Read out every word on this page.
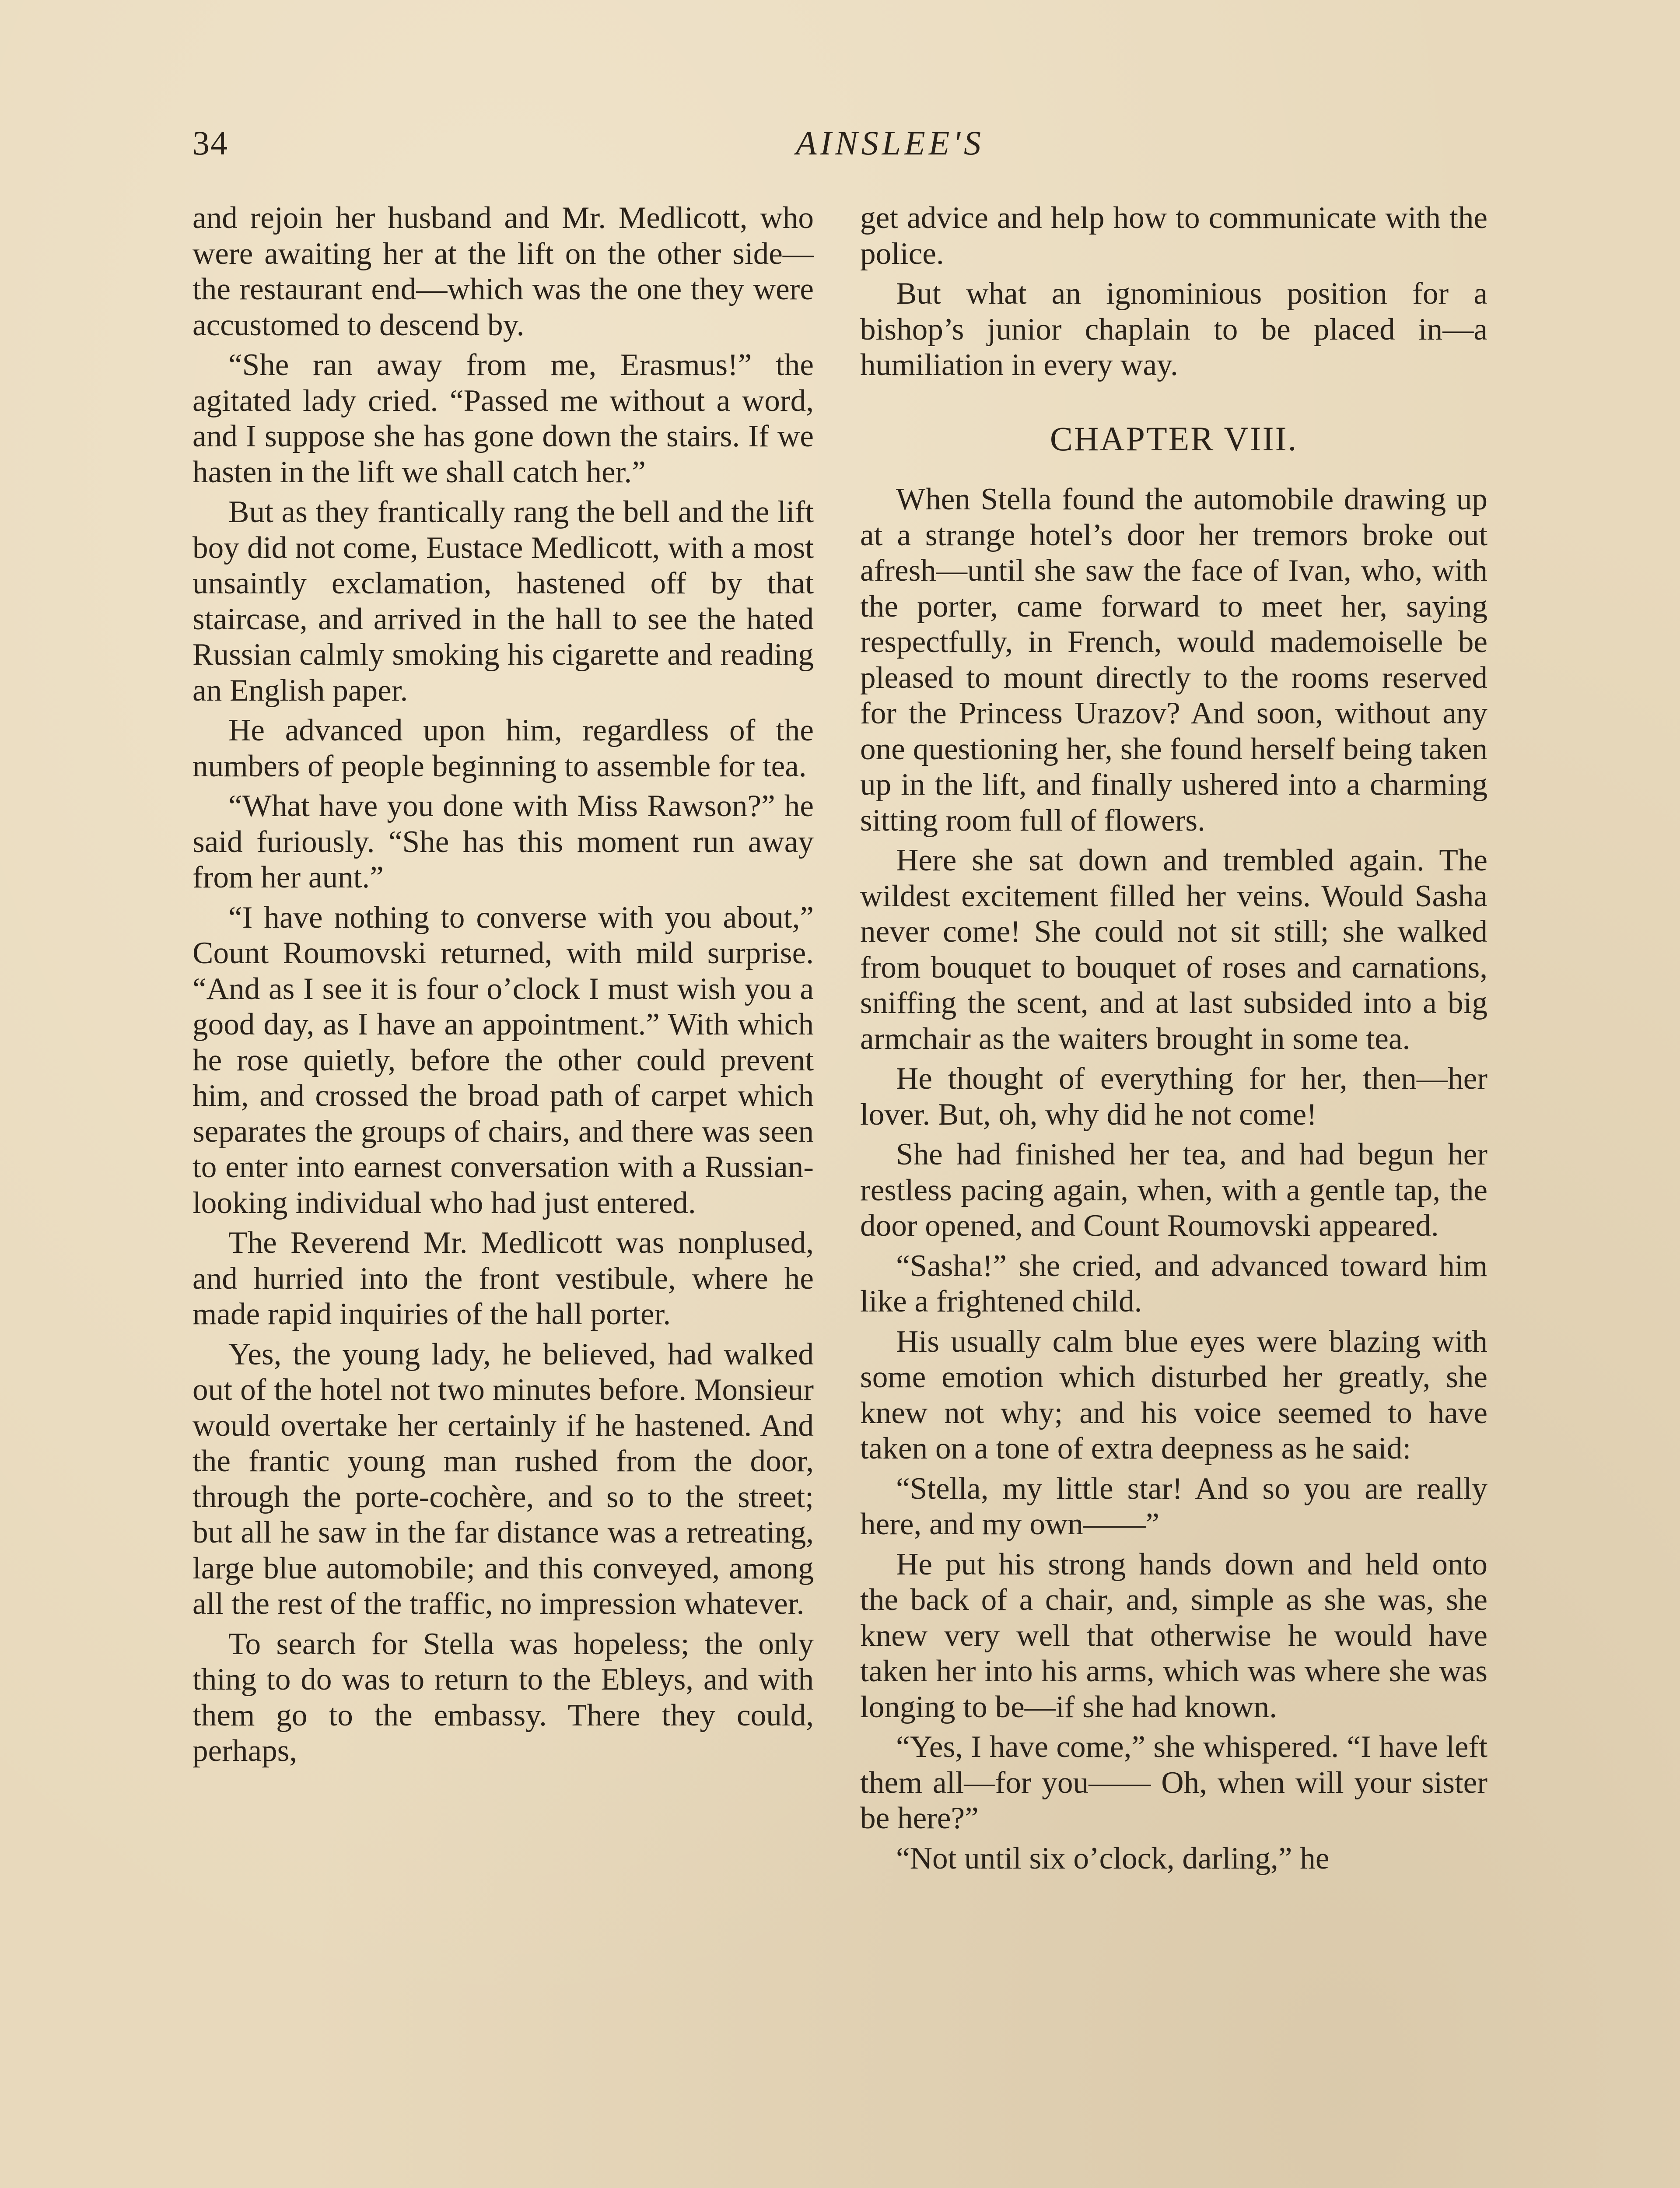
34	AINSLEE'S

and rejoin her husband and Mr. Medlicott, who were awaiting her at the lift on the other side—the restaurant end—which was the one they were accustomed to descend by.

“She ran away from me, Erasmus!” the agitated lady cried. “Passed me without a word, and I suppose she has gone down the stairs. If we hasten in the lift we shall catch her.”

But as they frantically rang the bell and the lift boy did not come, Eustace Medlicott, with a most unsaintly exclamation, hastened off by that staircase, and arrived in the hall to see the hated Russian calmly smoking his cigarette and reading an English paper.

He advanced upon him, regardless of the numbers of people beginning to assemble for tea.

“What have you done with Miss Rawson?” he said furiously. “She has this moment run away from her aunt.”

“I have nothing to converse with you about,” Count Roumovski returned, with mild surprise. “And as I see it is four o’clock I must wish you a good day, as I have an appointment.” With which he rose quietly, before the other could prevent him, and crossed the broad path of carpet which separates the groups of chairs, and there was seen to enter into earnest conversation with a Russian-looking individual who had just entered.

The Reverend Mr. Medlicott was nonplused, and hurried into the front vestibule, where he made rapid inquiries of the hall porter.

Yes, the young lady, he believed, had walked out of the hotel not two minutes before. Monsieur would overtake her certainly if he hastened. And the frantic young man rushed from the door, through the porte-cochère, and so to the street; but all he saw in the far distance was a retreating, large blue automobile; and this conveyed, among all the rest of the traffic, no impression whatever.

To search for Stella was hopeless; the only thing to do was to return to the Ebleys, and with them go to the embassy. There they could, perhaps,

get advice and help how to communicate with the police.

But what an ignominious position for a bishop’s junior chaplain to be placed in—a humiliation in every way.

CHAPTER VIII.

When Stella found the automobile drawing up at a strange hotel’s door her tremors broke out afresh—until she saw the face of Ivan, who, with the porter, came forward to meet her, saying respectfully, in French, would mademoiselle be pleased to mount directly to the rooms reserved for the Princess Urazov? And soon, without any one questioning her, she found herself being taken up in the lift, and finally ushered into a charming sitting room full of flowers.

Here she sat down and trembled again. The wildest excitement filled her veins. Would Sasha never come! She could not sit still; she walked from bouquet to bouquet of roses and carnations, sniffing the scent, and at last subsided into a big armchair as the waiters brought in some tea.

He thought of everything for her, then—her lover. But, oh, why did he not come!

She had finished her tea, and had begun her restless pacing again, when, with a gentle tap, the door opened, and Count Roumovski appeared.

“Sasha!” she cried, and advanced toward him like a frightened child.

His usually calm blue eyes were blazing with some emotion which disturbed her greatly, she knew not why; and his voice seemed to have taken on a tone of extra deepness as he said:

“Stella, my little star! And so you are really here, and my own——”

He put his strong hands down and held onto the back of a chair, and, simple as she was, she knew very well that otherwise he would have taken her into his arms, which was where she was longing to be—if she had known.

“Yes, I have come,” she whispered. “I have left them all—for you—— Oh, when will your sister be here?”

“Not until six o’clock, darling,” he
